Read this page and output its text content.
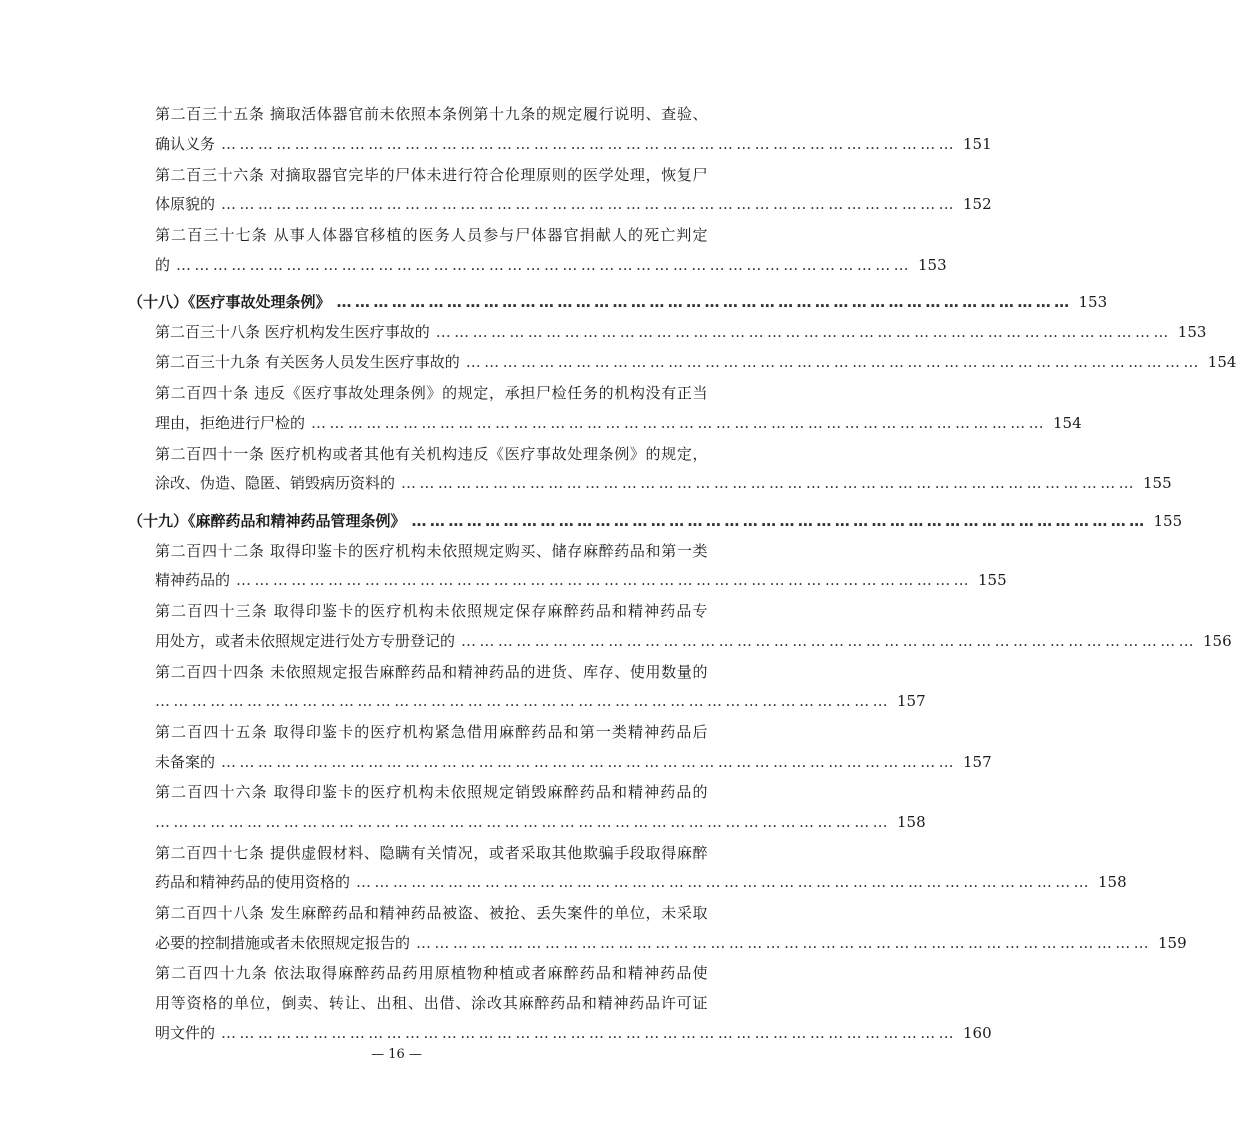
第二百三十五条 摘取活体器官前未依照本条例第十九条的规定履行说明、查验、
确认义务 ………………………………………………………………………………………………………… 151
第二百三十六条 对摘取器官完毕的尸体未进行符合伦理原则的医学处理，恢复尸
体原貌的 ………………………………………………………………………………………………………… 152
第二百三十七条 从事人体器官移植的医务人员参与尸体器官捐献人的死亡判定
的 ………………………………………………………………………………………………………… 153
（十八）《医疗事故处理条例》 ………………………………………………………………………………………………………… 153
第二百三十八条 医疗机构发生医疗事故的 ………………………………………………………………………………………………………… 153
第二百三十九条 有关医务人员发生医疗事故的 ………………………………………………………………………………………………………… 154
第二百四十条 违反《医疗事故处理条例》的规定，承担尸检任务的机构没有正当
理由，拒绝进行尸检的 ………………………………………………………………………………………………………… 154
第二百四十一条 医疗机构或者其他有关机构违反《医疗事故处理条例》的规定，
涂改、伪造、隐匿、销毁病历资料的 ………………………………………………………………………………………………………… 155
（十九）《麻醉药品和精神药品管理条例》 ………………………………………………………………………………………………………… 155
第二百四十二条 取得印鉴卡的医疗机构未依照规定购买、储存麻醉药品和第一类
精神药品的 ………………………………………………………………………………………………………… 155
第二百四十三条 取得印鉴卡的医疗机构未依照规定保存麻醉药品和精神药品专
用处方，或者未依照规定进行处方专册登记的 ………………………………………………………………………………………………………… 156
第二百四十四条 未依照规定报告麻醉药品和精神药品的进货、库存、使用数量的
………………………………………………………………………………………………………… 157
第二百四十五条 取得印鉴卡的医疗机构紧急借用麻醉药品和第一类精神药品后
未备案的 ………………………………………………………………………………………………………… 157
第二百四十六条 取得印鉴卡的医疗机构未依照规定销毁麻醉药品和精神药品的
………………………………………………………………………………………………………… 158
第二百四十七条 提供虚假材料、隐瞒有关情况，或者采取其他欺骗手段取得麻醉
药品和精神药品的使用资格的 ………………………………………………………………………………………………………… 158
第二百四十八条 发生麻醉药品和精神药品被盗、被抢、丢失案件的单位，未采取
必要的控制措施或者未依照规定报告的 ………………………………………………………………………………………………………… 159
第二百四十九条 依法取得麻醉药品药用原植物种植或者麻醉药品和精神药品使
用等资格的单位，倒卖、转让、出租、出借、涂改其麻醉药品和精神药品许可证
明文件的 ………………………………………………………………………………………………………… 160
— 16 —
